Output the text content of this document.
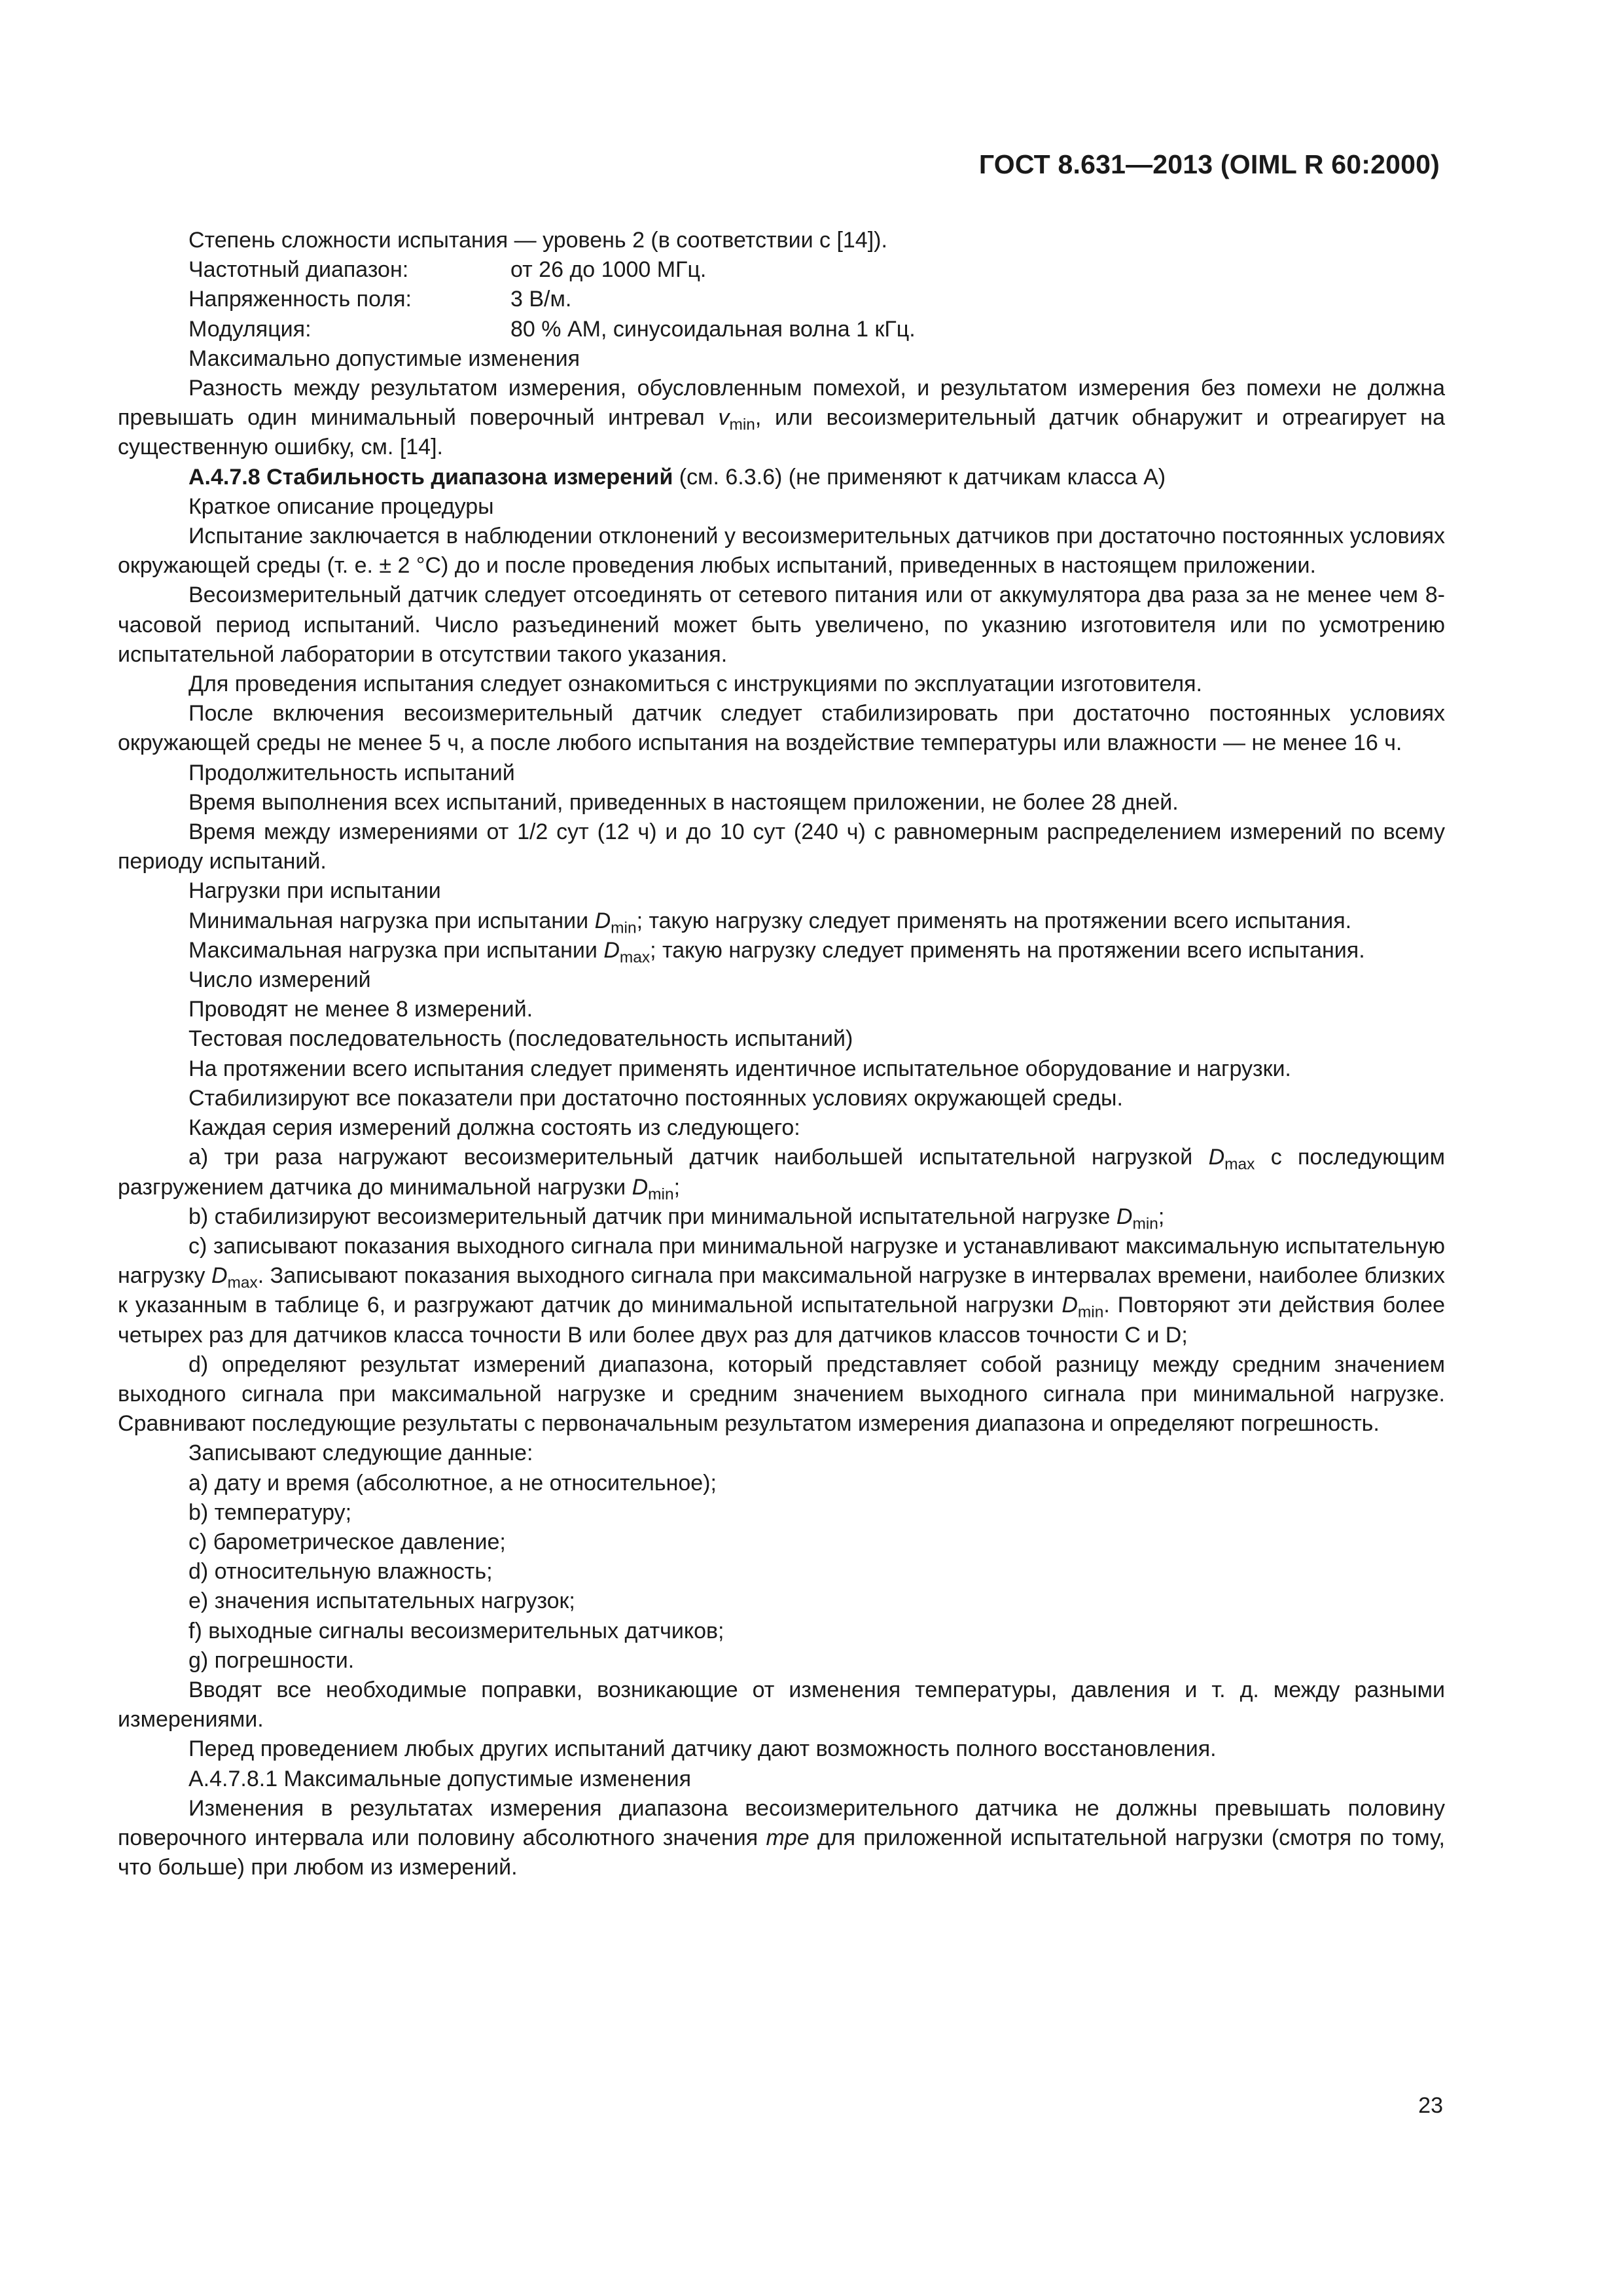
ГОСТ 8.631—2013 (OIML R 60:2000)

Степень сложности испытания — уровень 2 (в соответствии с [14]).

Частотный диапазон:	от 26 до 1000 МГц.
Напряженность поля:	3 В/м.
Модуляция:	80 % АМ, синусоидальная волна 1 кГц.

Максимально допустимые изменения

Разность между результатом измерения, обусловленным помехой, и результатом измерения без помехи не должна превышать один минимальный поверочный интревал $v_{min}$, или весоизмерительный датчик обнаружит и отреагирует на существенную ошибку, см. [14].

А.4.7.8 Стабильность диапазона измерений (см. 6.3.6) (не применяют к датчикам класса А)

Краткое описание процедуры

Испытание заключается в наблюдении отклонений у весоизмерительных датчиков при достаточно постоянных условиях окружающей среды (т. е. ± 2 °С) до и после проведения любых испытаний, приведенных в настоящем приложении.

Весоизмерительный датчик следует отсоединять от сетевого питания или от аккумулятора два раза за не менее чем 8-часовой период испытаний. Число разъединений может быть увеличено, по указнию изготовителя или по усмотрению испытательной лаборатории в отсутствии такого указания.

Для проведения испытания следует ознакомиться с инструкциями по эксплуатации изготовителя.

После включения весоизмерительный датчик следует стабилизировать при достаточно постоянных условиях окружающей среды не менее 5 ч, а после любого испытания на воздействие температуры или влажности — не менее 16 ч.

Продолжительность испытаний

Время выполнения всех испытаний, приведенных в настоящем приложении, не более 28 дней.

Время между измерениями от 1/2 сут (12 ч) и до 10 сут (240 ч) с равномерным распределением измерений по всему периоду испытаний.

Нагрузки при испытании

Минимальная нагрузка при испытании $D_{min}$; такую нагрузку следует применять на протяжении всего испытания.

Максимальная нагрузка при испытании $D_{max}$; такую нагрузку следует применять на протяжении всего испытания.

Число измерений

Проводят не менее 8 измерений.

Тестовая последовательность (последовательность испытаний)

На протяжении всего испытания следует применять идентичное испытательное оборудование и нагрузки.

Стабилизируют все показатели при достаточно постоянных условиях окружающей среды.

Каждая серия измерений должна состоять из следующего:

а) три раза нагружают весоизмерительный датчик наибольшей испытательной нагрузкой $D_{max}$ с последующим разгружением датчика до минимальной нагрузки $D_{min}$;

b) стабилизируют весоизмерительный датчик при минимальной испытательной нагрузке $D_{min}$;

с) записывают показания выходного сигнала при минимальной нагрузке и устанавливают максимальную испытательную нагрузку $D_{max}$. Записывают показания выходного сигнала при максимальной нагрузке в интервалах времени, наиболее близких к указанным в таблице 6, и разгружают датчик до минимальной испытательной нагрузки $D_{min}$. Повторяют эти действия более четырех раз для датчиков класса точности В или более двух раз для датчиков классов точности С и D;

d) определяют результат измерений диапазона, который представляет собой разницу между средним значением выходного сигнала при максимальной нагрузке и средним значением выходного сигнала при минимальной нагрузке. Сравнивают последующие результаты с первоначальным результатом измерения диапазона и определяют погрешность.

Записывают следующие данные:

а) дату и время (абсолютное, а не относительное);

b) температуру;

с) барометрическое давление;

d) относительную влажность;

е) значения испытательных нагрузок;

f) выходные сигналы весоизмерительных датчиков;

g) погрешности.

Вводят все необходимые поправки, возникающие от изменения температуры, давления и т. д. между разными измерениями.

Перед проведением любых других испытаний датчику дают возможность полного восстановления.

А.4.7.8.1 Максимальные допустимые изменения

Изменения в результатах измерения диапазона весоизмерительного датчика не должны превышать половину поверочного интервала или половину абсолютного значения mpe для приложенной испытательной нагрузки (смотря по тому, что больше) при любом из измерений.

23
